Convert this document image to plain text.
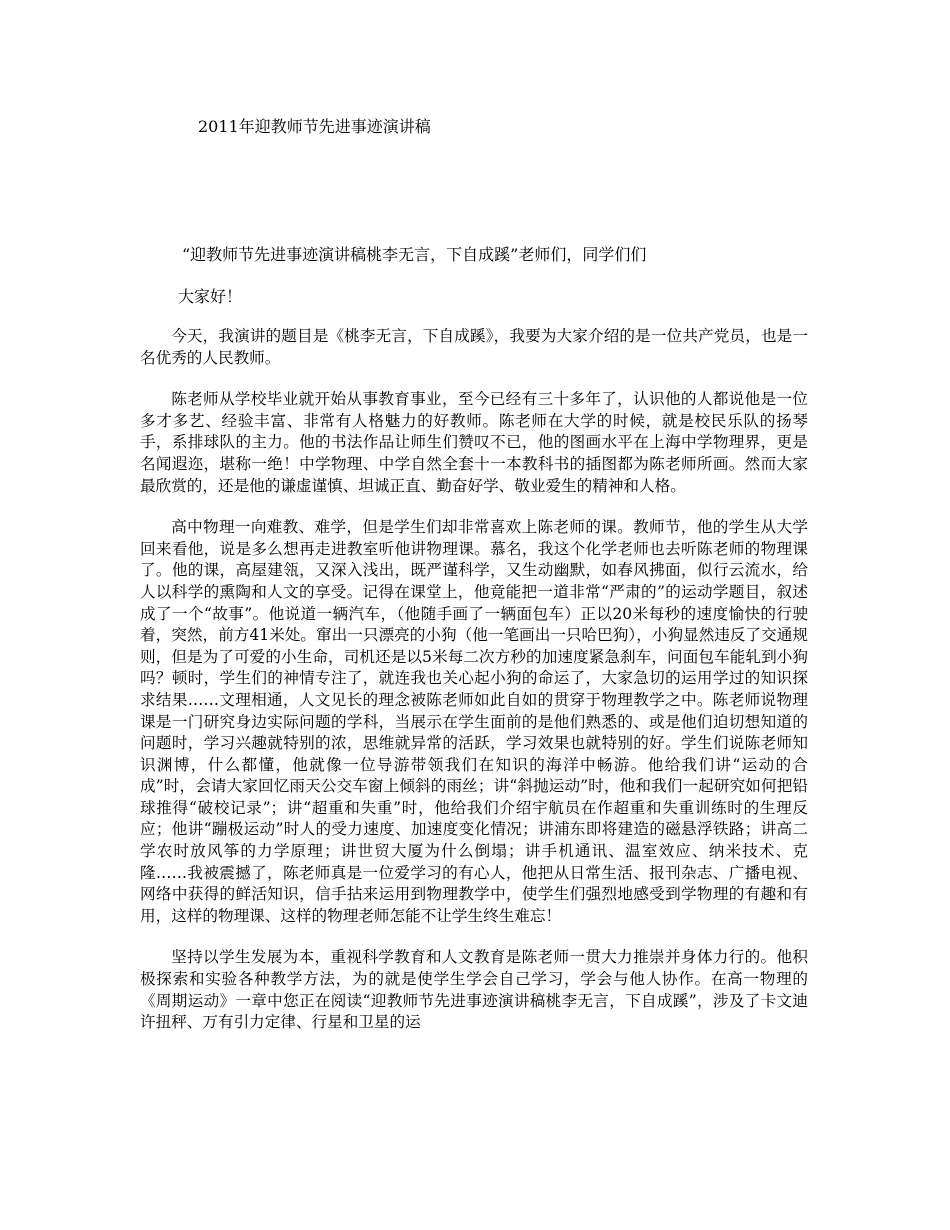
2011年迎教师节先进事迹演讲稿
“迎教师节先进事迹演讲稿桃李无言，下自成蹊”老师们，同学们们
大家好！

今天，我演讲的题目是《桃李无言，下自成蹊》，我要为大家介绍的是一位共产党员，也是一名优秀的人民教师。

陈老师从学校毕业就开始从事教育事业，至今已经有三十多年了，认识他的人都说他是一位多才多艺、经验丰富、非常有人格魅力的好教师。陈老师在大学的时候，就是校民乐队的扬琴手，系排球队的主力。他的书法作品让师生们赞叹不已，他的图画水平在上海中学物理界，更是名闻遐迩，堪称一绝！中学物理、中学自然全套十一本教科书的插图都为陈老师所画。然而大家最欣赏的，还是他的谦虚谨慎、坦诚正直、勤奋好学、敬业爱生的精神和人格。

高中物理一向难教、难学，但是学生们却非常喜欢上陈老师的课。教师节，他的学生从大学回来看他，说是多么想再走进教室听他讲物理课。慕名，我这个化学老师也去听陈老师的物理课了。他的课，高屋建瓴，又深入浅出，既严谨科学，又生动幽默，如春风拂面，似行云流水，给人以科学的熏陶和人文的享受。记得在课堂上，他竟能把一道非常“严肃的”的运动学题目，叙述成了一个“故事”。他说道一辆汽车，（他随手画了一辆面包车）正以20米每秒的速度愉快的行驶着，突然，前方41米处。窜出一只漂亮的小狗（他一笔画出一只哈巴狗），小狗显然违反了交通规则，但是为了可爱的小生命，司机还是以5米每二次方秒的加速度紧急刹车，问面包车能轧到小狗吗？顿时，学生们的神情专注了，就连我也关心起小狗的命运了，大家急切的运用学过的知识探求结果……文理相通，人文见长的理念被陈老师如此自如的贯穿于物理教学之中。陈老师说物理课是一门研究身边实际问题的学科，当展示在学生面前的是他们熟悉的、或是他们迫切想知道的问题时，学习兴趣就特别的浓，思维就异常的活跃，学习效果也就特别的好。学生们说陈老师知识渊博，什么都懂，他就像一位导游带领我们在知识的海洋中畅游。他给我们讲“运动的合成”时，会请大家回忆雨天公交车窗上倾斜的雨丝；讲“斜抛运动”时，他和我们一起研究如何把铅球推得“破校记录”；讲“超重和失重”时，他给我们介绍宇航员在作超重和失重训练时的生理反应；他讲“蹦极运动”时人的受力速度、加速度变化情况；讲浦东即将建造的磁悬浮铁路；讲高二学农时放风筝的力学原理；讲世贸大厦为什么倒塌；讲手机通讯、温室效应、纳米技术、克隆……我被震撼了，陈老师真是一位爱学习的有心人，他把从日常生活、报刊杂志、广播电视、网络中获得的鲜活知识，信手拈来运用到物理教学中，使学生们强烈地感受到学物理的有趣和有用，这样的物理课、这样的物理老师怎能不让学生终生难忘！

坚持以学生发展为本，重视科学教育和人文教育是陈老师一贯大力推崇并身体力行的。他积极探索和实验各种教学方法，为的就是使学生学会自己学习，学会与他人协作。在高一物理的《周期运动》一章中您正在阅读“迎教师节先进事迹演讲稿桃李无言，下自成蹊”，涉及了卡文迪许扭秤、万有引力定律、行星和卫星的运
